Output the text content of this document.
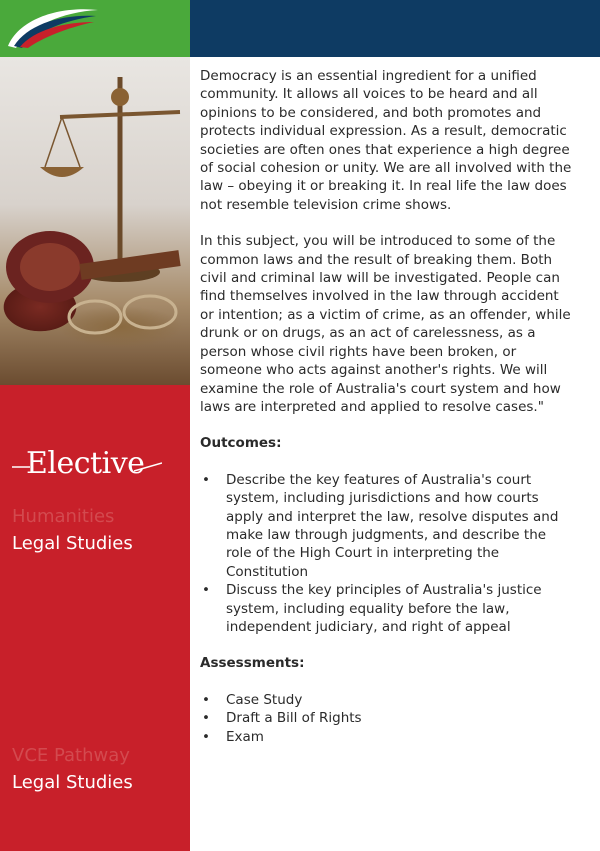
Elective
Humanities
Legal Studies
VCE Pathway
Legal Studies

Democracy is an essential ingredient for a unified community. It allows all voices to be heard and all opinions to be considered, and both promotes and protects individual expression. As a result, democratic societies are often ones that experience a high degree of social cohesion or unity. We are all involved with the law – obeying it or breaking it. In real life the law does not resemble television crime shows.

In this subject, you will be introduced to some of the common laws and the result of breaking them. Both civil and criminal law will be investigated. People can find themselves involved in the law through accident or intention; as a victim of crime, as an offender, while drunk or on drugs, as an act of carelessness, as a person whose civil rights have been broken, or someone who acts against another's rights. We will examine the role of Australia's court system and how laws are interpreted and applied to resolve cases."

Outcomes:

• Describe the key features of Australia's court system, including jurisdictions and how courts apply and interpret the law, resolve disputes and make law through judgments, and describe the role of the High Court in interpreting the Constitution
• Discuss the key principles of Australia's justice system, including equality before the law, independent judiciary, and right of appeal

Assessments:

• Case Study
• Draft a Bill of Rights
• Exam
